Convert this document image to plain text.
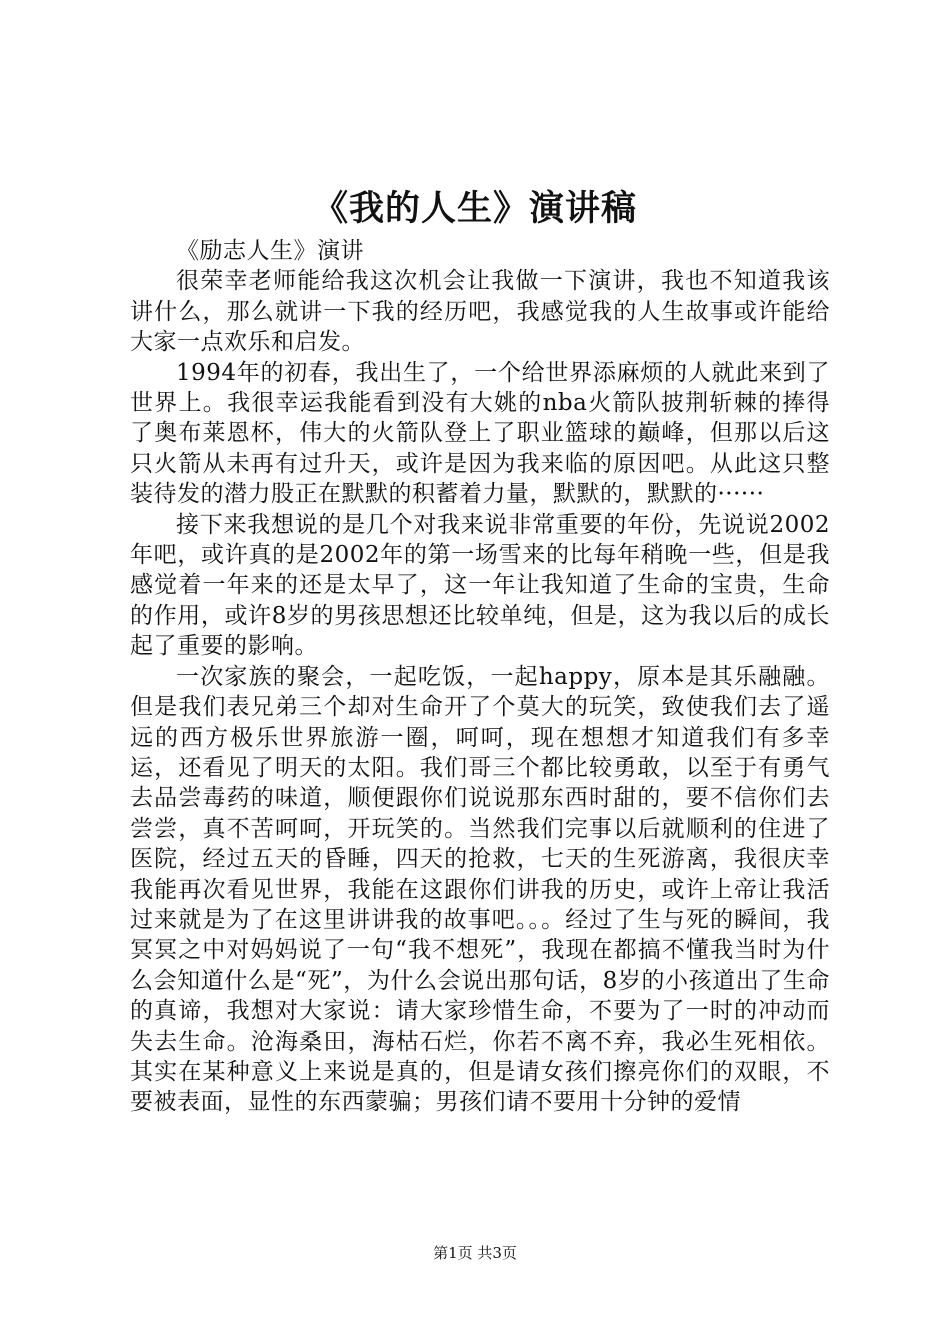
《我的人生》演讲稿

《励志人生》演讲

很荣幸老师能给我这次机会让我做一下演讲，我也不知道我该讲什么，那么就讲一下我的经历吧，我感觉我的人生故事或许能给大家一点欢乐和启发。

1994年的初春，我出生了，一个给世界添麻烦的人就此来到了世界上。我很幸运我能看到没有大姚的nba火箭队披荆斩棘的捧得了奥布莱恩杯，伟大的火箭队登上了职业篮球的巅峰，但那以后这只火箭从未再有过升天，或许是因为我来临的原因吧。从此这只整装待发的潜力股正在默默的积蓄着力量，默默的，默默的······

接下来我想说的是几个对我来说非常重要的年份，先说说2002年吧，或许真的是2002年的第一场雪来的比每年稍晚一些，但是我感觉着一年来的还是太早了，这一年让我知道了生命的宝贵，生命的作用，或许8岁的男孩思想还比较单纯，但是，这为我以后的成长起了重要的影响。

一次家族的聚会，一起吃饭，一起happy，原本是其乐融融。但是我们表兄弟三个却对生命开了个莫大的玩笑，致使我们去了遥远的西方极乐世界旅游一圈，呵呵，现在想想才知道我们有多幸运，还看见了明天的太阳。我们哥三个都比较勇敢，以至于有勇气去品尝毒药的味道，顺便跟你们说说那东西时甜的，要不信你们去尝尝，真不苦呵呵，开玩笑的。当然我们完事以后就顺利的住进了医院，经过五天的昏睡，四天的抢救，七天的生死游离，我很庆幸我能再次看见世界，我能在这跟你们讲我的历史，或许上帝让我活过来就是为了在这里讲讲我的故事吧。。。经过了生与死的瞬间，我冥冥之中对妈妈说了一句“我不想死”，我现在都搞不懂我当时为什么会知道什么是“死”，为什么会说出那句话，8岁的小孩道出了生命的真谛，我想对大家说：请大家珍惜生命，不要为了一时的冲动而失去生命。沧海桑田，海枯石烂，你若不离不弃，我必生死相依。其实在某种意义上来说是真的，但是请女孩们擦亮你们的双眼，不要被表面，显性的东西蒙骗；男孩们请不要用十分钟的爱情

第1页 共3页
